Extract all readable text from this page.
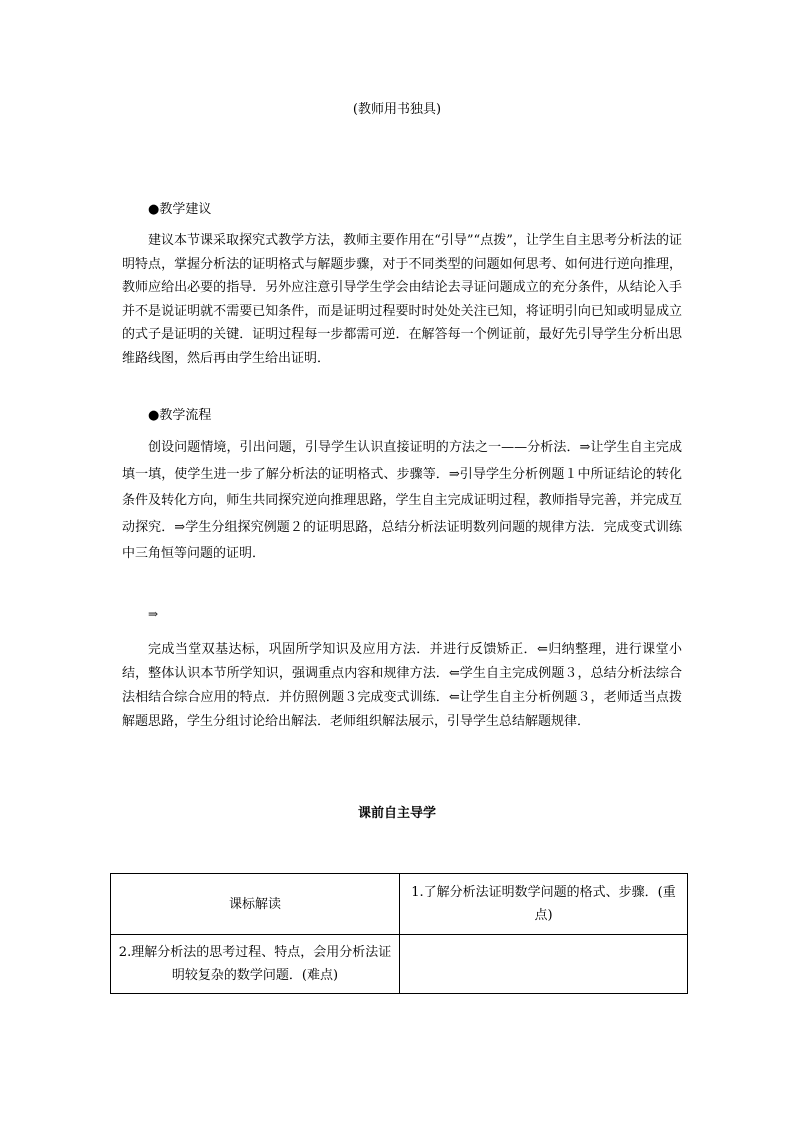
(教师用书独具)
●教学建议

建议本节课采取探究式教学方法，教师主要作用在“引导”“点拨”，让学生自主思考分析法的证明特点，掌握分析法的证明格式与解题步骤，对于不同类型的问题如何思考、如何进行逆向推理，教师应给出必要的指导．另外应注意引导学生学会由结论去寻证问题成立的充分条件，从结论入手并不是说证明就不需要已知条件，而是证明过程要时时处处关注已知，将证明引向已知或明显成立的式子是证明的关键．证明过程每一步都需可逆．在解答每一个例证前，最好先引导学生分析出思维路线图，然后再由学生给出证明．

●教学流程

创设问题情境，引出问题，引导学生认识直接证明的方法之一——分析法．⇒让学生自主完成填一填，使学生进一步了解分析法的证明格式、步骤等．⇒引导学生分析例题１中所证结论的转化条件及转化方向，师生共同探究逆向推理思路，学生自主完成证明过程，教师指导完善，并完成互动探究．⇒学生分组探究例题２的证明思路，总结分析法证明数列问题的规律方法．完成变式训练中三角恒等问题的证明．

⇒

完成当堂双基达标，巩固所学知识及应用方法．并进行反馈矫正．⇐归纳整理，进行课堂小结，整体认识本节所学知识，强调重点内容和规律方法．⇐学生自主完成例题３，总结分析法综合法相结合综合应用的特点．并仿照例题３完成变式训练．⇐让学生自主分析例题３，老师适当点拨解题思路，学生分组讨论给出解法．老师组织解法展示，引导学生总结解题规律．

课前自主导学
课标解读	1.了解分析法证明数学问题的格式、步骤．(重点)
2.理解分析法的思考过程、特点，会用分析法证明较复杂的数学问题．(难点)	
